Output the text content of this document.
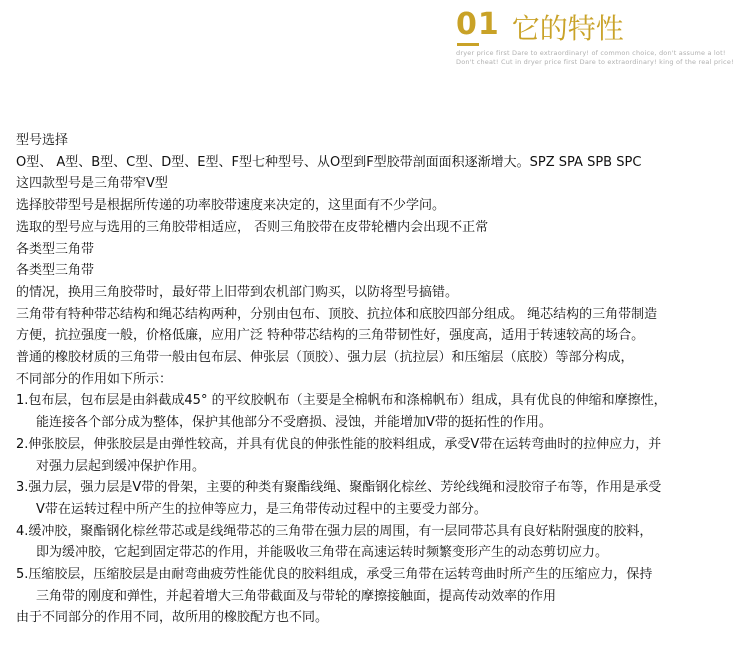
01 它的特性
dryer price first Dare to extraordinary! of common choice, don't assume a lot! Don't cheat! Cut in dryer price first Dare to extraordinary! king of the real price!

型号选择

O型、 A型、B型、C型、D型、E型、F型七种型号、从O型到F型胶带剖面面积逐渐增大。SPZ SPA SPB SPC

这四款型号是三角带窄V型

选择胶带型号是根据所传递的功率胶带速度来决定的，这里面有不少学问。

选取的型号应与选用的三角胶带相适应， 否则三角胶带在皮带轮槽内会出现不正常

各类型三角带

各类型三角带

的情况，换用三角胶带时，最好带上旧带到农机部门购买，以防将型号搞错。

三角带有特种带芯结构和绳芯结构两种，分别由包布、顶胶、抗拉体和底胶四部分组成。 绳芯结构的三角带制造

方便，抗拉强度一般，价格低廉，应用广泛 特种带芯结构的三角带韧性好，强度高，适用于转速较高的场合。

普通的橡胶材质的三角带一般由包布层、伸张层（顶胶）、强力层（抗拉层）和压缩层（底胶）等部分构成，

不同部分的作用如下所示：

1.包布层，包布层是由斜截成45° 的平纹胶帆布（主要是全棉帆布和涤棉帆布）组成，具有优良的伸缩和摩擦性，

能连接各个部分成为整体，保护其他部分不受磨损、浸蚀，并能增加V带的挺拓性的作用。

2.伸张胶层，伸张胶层是由弹性较高，并具有优良的伸张性能的胶料组成，承受V带在运转弯曲时的拉伸应力，并

对强力层起到缓冲保护作用。

3.强力层，强力层是V带的骨架，主要的种类有聚酯线绳、聚酯钢化棕丝、芳纶线绳和浸胶帘子布等，作用是承受

V带在运转过程中所产生的拉伸等应力，是三角带传动过程中的主要受力部分。

4.缓冲胶，聚酯钢化棕丝带芯或是线绳带芯的三角带在强力层的周围，有一层同带芯具有良好粘附强度的胶料，

即为缓冲胶，它起到固定带芯的作用，并能吸收三角带在高速运转时频繁变形产生的动态剪切应力。

5.压缩胶层，压缩胶层是由耐弯曲疲劳性能优良的胶料组成，承受三角带在运转弯曲时所产生的压缩应力，保持

三角带的刚度和弹性，并起着增大三角带截面及与带轮的摩擦接触面，提高传动效率的作用

由于不同部分的作用不同，故所用的橡胶配方也不同。
